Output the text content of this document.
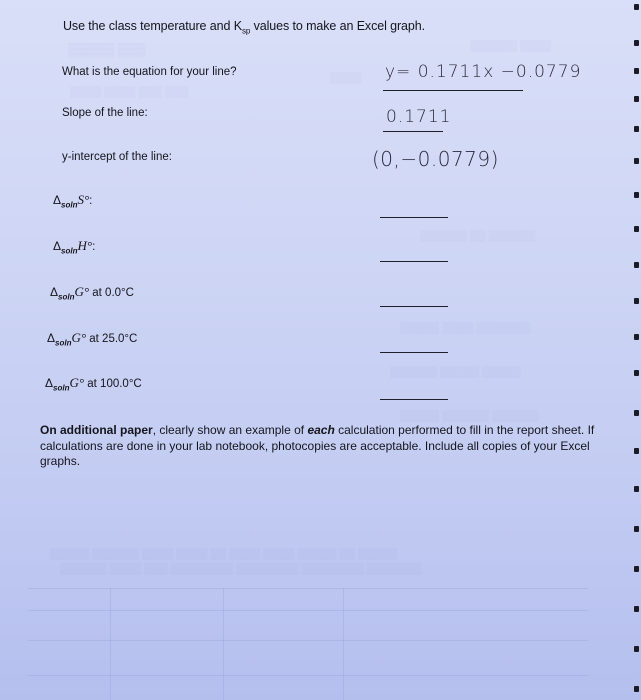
▒▒▒▒▒ ▒▒▒
▒▒▒▒ ▒▒▒▒ ▒▒▒ ▒▒▒
▒▒▒▒
▒▒▒▒▒▒ ▒▒▒▒
▒▒▒▒▒▒ ▒▒ ▒▒▒▒▒▒
▒▒▒▒▒ ▒▒▒▒ ▒▒▒▒▒▒▒
▒▒▒▒▒▒ ▒▒▒▒▒ ▒▒▒▒▒
▒▒▒▒▒ ▒▒▒▒▒▒ ▒▒▒▒▒▒
▒▒▒▒▒ ▒▒▒▒▒▒ ▒▒▒▒ ▒▒▒▒ ▒▒ ▒▒▒▒ ▒▒▒▒ ▒▒▒▒▒ ▒▒ ▒▒▒▒▒
▒▒▒▒▒▒ ▒▒▒▒ ▒▒▒ ▒▒▒▒▒▒▒▒ ▒▒▒▒▒▒▒▒ ▒▒▒▒▒▒▒▒ ▒▒▒▒▒▒▒
Use the class temperature and $K_{sp}$ values to make an Excel graph.
What is the equation for your line?	y= 0.1711x −0.0779
Slope of the line:	0.1711
y-intercept of the line:	(0,−0.0779)
$\Delta_{soln}S^\circ$:
$\Delta_{soln}H^\circ$:
$\Delta_{soln}G^\circ$ at 0.0°C
$\Delta_{soln}G^\circ$ at 25.0°C
$\Delta_{soln}G^\circ$ at 100.0°C
On additional paper, clearly show an example of each calculation performed to fill in the report sheet. If calculations are done in your lab notebook, photocopies are acceptable. Include all copies of your Excel graphs.
